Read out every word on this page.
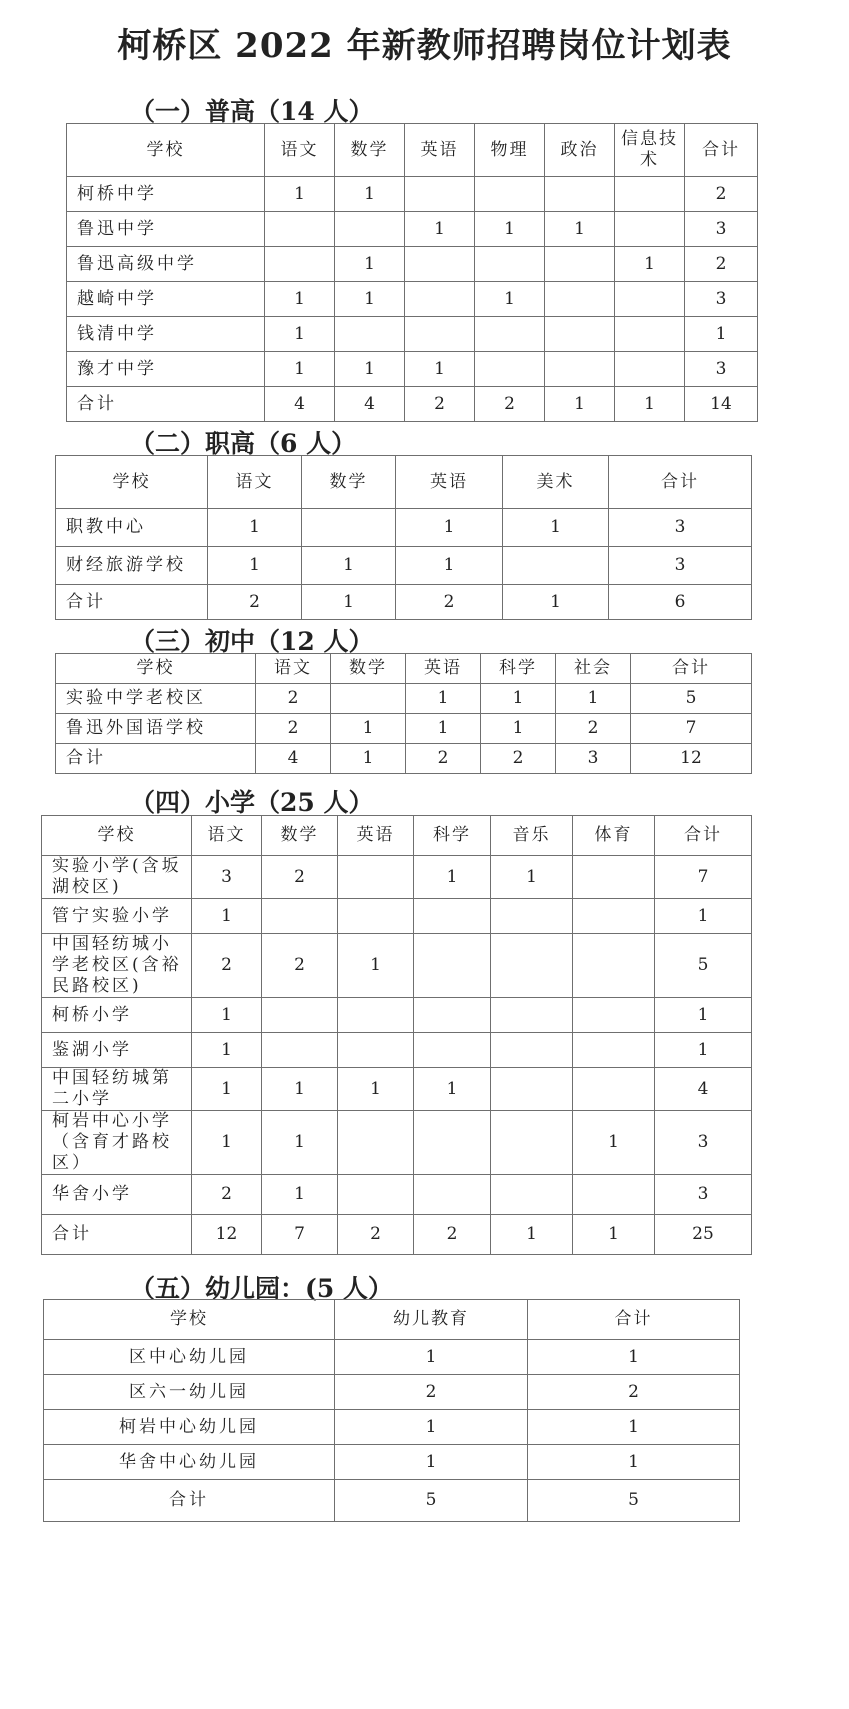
柯桥区 2022 年新教师招聘岗位计划表
（一）普高（14 人）
学校	语文	数学	英语	物理	政治	信息技术	合计
柯桥中学	1	1					2
鲁迅中学			1	1	1		3
鲁迅高级中学		1				1	2
越崎中学	1	1		1			3
钱清中学	1						1
豫才中学	1	1	1				3
合计	4	4	2	2	1	1	14
（二）职高（6 人）
学校	语文	数学	英语	美术	合计
职教中心	1		1	1	3
财经旅游学校	1	1	1		3
合计	2	1	2	1	6
（三）初中（12 人）
学校	语文	数学	英语	科学	社会	合计
实验中学老校区	2		1	1	1	5
鲁迅外国语学校	2	1	1	1	2	7
合计	4	1	2	2	3	12
（四）小学（25 人）
学校	语文	数学	英语	科学	音乐	体育	合计
实验小学(含坂湖校区)	3	2		1	1		7
管宁实验小学	1						1
中国轻纺城小学老校区(含裕民路校区)	2	2	1				5
柯桥小学	1						1
鉴湖小学	1						1
中国轻纺城第二小学	1	1	1	1			4
柯岩中心小学（含育才路校区）	1	1				1	3
华舍小学	2	1					3
合计	12	7	2	2	1	1	25
（五）幼儿园：(5 人）
学校	幼儿教育	合计
区中心幼儿园	1	1
区六一幼儿园	2	2
柯岩中心幼儿园	1	1
华舍中心幼儿园	1	1
合计	5	5
